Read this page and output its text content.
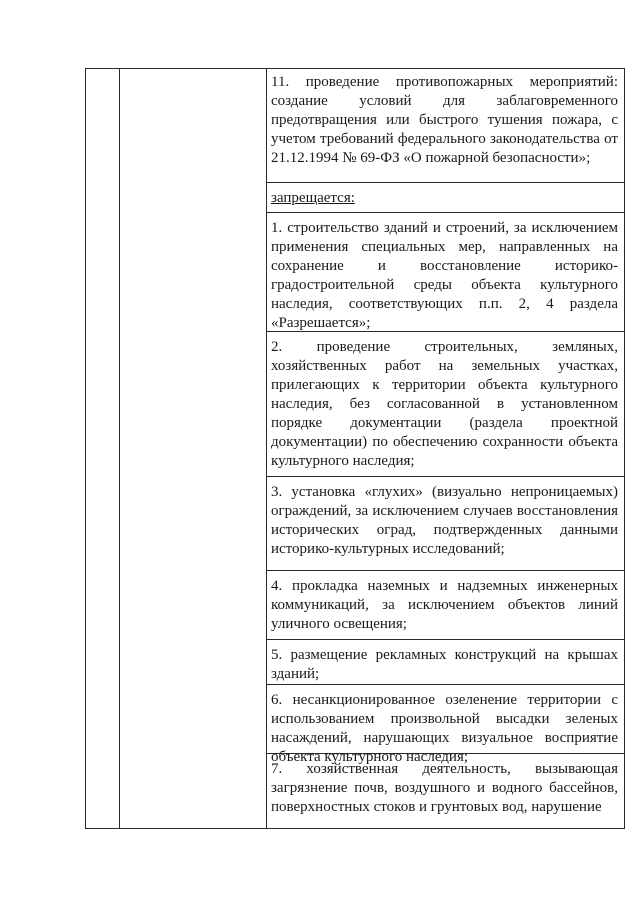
11. проведение противопожарных мероприятий: создание условий для заблаговременного предотвращения или быстрого тушения пожара, с учетом требований федерального законодательства от 21.12.1994 № 69-ФЗ «О пожарной безопасности»;

запрещается:

1. строительство зданий и строений, за исключением применения специальных мер, направленных на сохранение и восстановление историко-градостроительной среды объекта культурного наследия, соответствующих п.п. 2, 4 раздела «Разрешается»;

2. проведение строительных, земляных, хозяйственных работ на земельных участках, прилегающих к территории объекта культурного наследия, без согласованной в установленном порядке документации (раздела проектной документации) по обеспечению сохранности объекта культурного наследия;

3. установка «глухих» (визуально непроницаемых) ограждений, за исключением случаев восстановления исторических оград, подтвержденных данными историко-культурных исследований;

4. прокладка наземных и надземных инженерных коммуникаций, за исключением объектов линий уличного освещения;

5. размещение рекламных конструкций на крышах зданий;

6. несанкционированное озеленение территории с использованием произвольной высадки зеленых насаждений, нарушающих визуальное восприятие объекта культурного наследия;

7. хозяйственная деятельность, вызывающая загрязнение почв, воздушного и водного бассейнов, поверхностных стоков и грунтовых вод, нарушение
